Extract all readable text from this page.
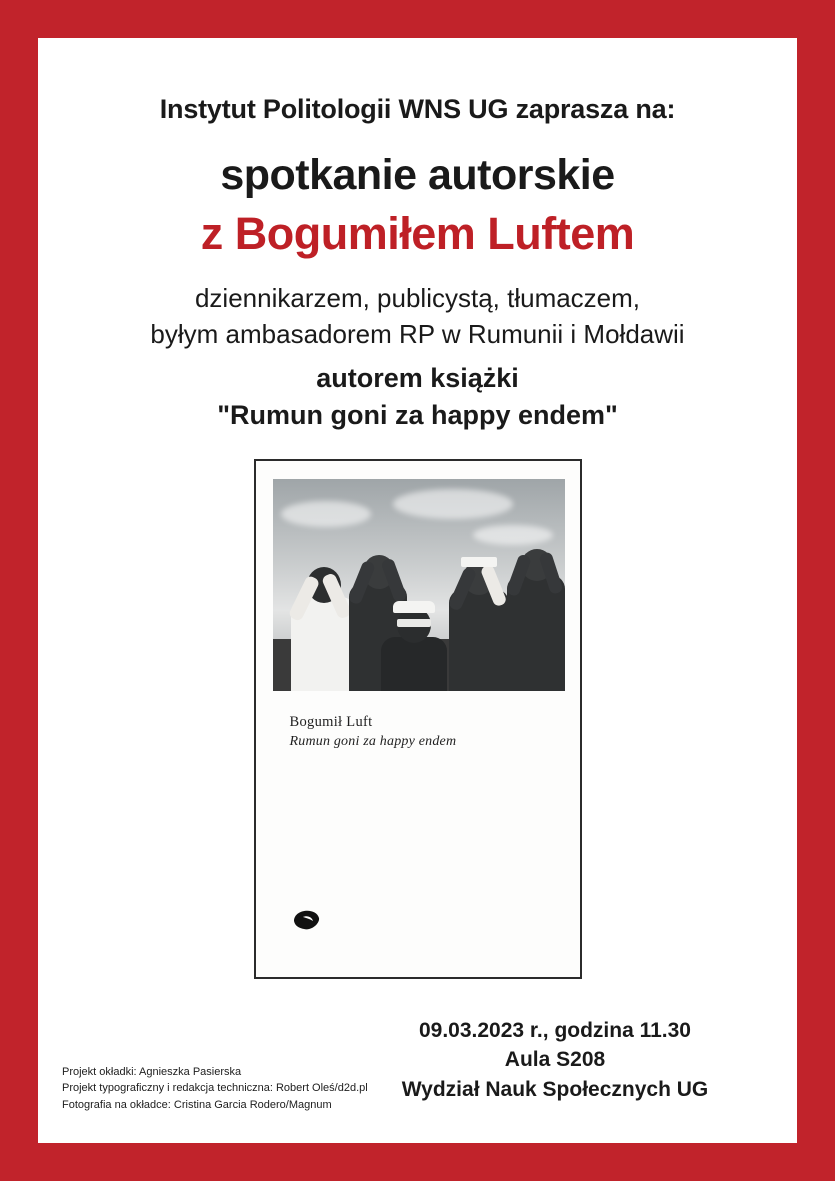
Instytut Politologii WNS UG zaprasza na:
spotkanie autorskie
z Bogumiłem Luftem
dziennikarzem, publicystą, tłumaczem,
byłym ambasadorem RP w Rumunii i Mołdawii
autorem książki
"Rumun goni za happy endem"
Bogumił Luft
Rumun goni za happy endem
09.03.2023 r., godzina 11.30
Aula S208
Wydział Nauk Społecznych UG
Projekt okładki: Agnieszka Pasierska
Projekt typograficzny i redakcja techniczna: Robert Oleś/d2d.pl
Fotografia na okładce: Cristina Garcia Rodero/Magnum
